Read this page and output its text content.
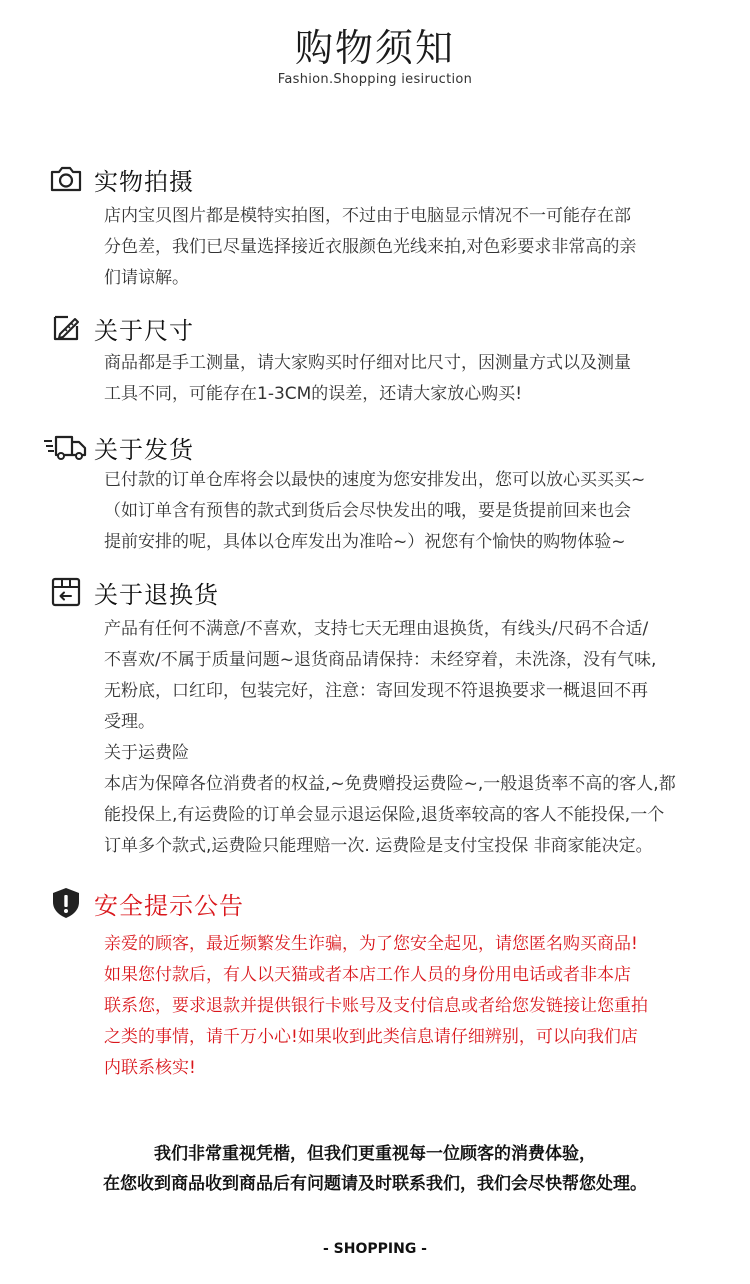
购物须知
Fashion.Shopping iesiruction
实物拍摄

店内宝贝图片都是模特实拍图，不过由于电脑显示情况不一可能存在部

分色差，我们已尽量选择接近衣服颜色光线来拍,对色彩要求非常高的亲

们请谅解。

关于尺寸

商品都是手工测量，请大家购买时仔细对比尺寸，因测量方式以及测量

工具不同，可能存在1-3CM的误差，还请大家放心购买!

关于发货

已付款的订单仓库将会以最快的速度为您安排发出，您可以放心买买买~

（如订单含有预售的款式到货后会尽快发出的哦，要是货提前回来也会

提前安排的呢，具体以仓库发出为准哈~）祝您有个愉快的购物体验~

关于退换货

产品有任何不满意/不喜欢，支持七天无理由退换货，有线头/尺码不合适/

不喜欢/不属于质量问题~退货商品请保持：未经穿着，未洗涤，没有气味,

无粉底，口红印，包装完好，注意：寄回发现不符退换要求一概退回不再

受理。

关于运费险

本店为保障各位消费者的权益,~免费赠投运费险~,一般退货率不高的客人,都

能投保上,有运费险的订单会显示退运保险,退货率较高的客人不能投保,一个

订单多个款式,运费险只能理赔一次. 运费险是支付宝投保 非商家能决定。

安全提示公告

亲爱的顾客，最近频繁发生诈骗，为了您安全起见，请您匿名购买商品!

如果您付款后，有人以天猫或者本店工作人员的身份用电话或者非本店

联系您，要求退款并提供银行卡账号及支付信息或者给您发链接让您重拍

之类的事情，请千万小心!如果收到此类信息请仔细辨别，可以向我们店

内联系核实!

我们非常重视凭楷，但我们更重视每一位顾客的消费体验，
在您收到商品收到商品后有问题请及时联系我们，我们会尽快帮您处理。
- SHOPPING -
